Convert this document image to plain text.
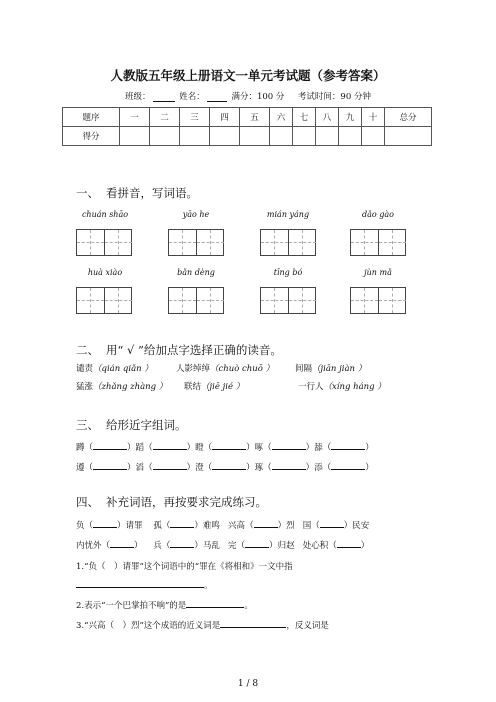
人教版五年级上册语文一单元考试题（参考答案）
班级：	姓名：	满分：100 分 考试时间：90 分钟
题序	一	二	三	四	五	六	七	八	九	十	总分
得分											
一、 看拼音，写词语。
chuán shāo	yāo he	mián yáng	dǎo gào
huà xiào	bǎn dèng	tīng bó	jùn mǎ
二、 用“ √ ”给加点字选择正确的读音。
谴责（qián qiǎn ）	人影绰绰（chuò chuō ） 间隔（jiān jiàn ）
猛涨（zhǎng zhàng ） 联结（jiē jié ）	一行人（xíng háng ）
三、 给形近字组词。
蹲（	）蹈（	）瞪（	）啄（	）舔（	）
遵（	）滔（	）澄（	）琢（	）添（	）
四、 补充词语，再按要求完成练习。
负（	）请罪 孤（	）难鸣 兴高（	）烈 国（	）民安
内忧外（	）    兵（	）马乱 完（	）归赵 处心积（	）
1.“负（　）请罪”这个词语中的“罪在《将相和》一文中指
。
2.表示“一个巴掌拍不响”的是	。
3.“兴高（　）烈”这个成语的近义词是	，反义词是
1 / 8
